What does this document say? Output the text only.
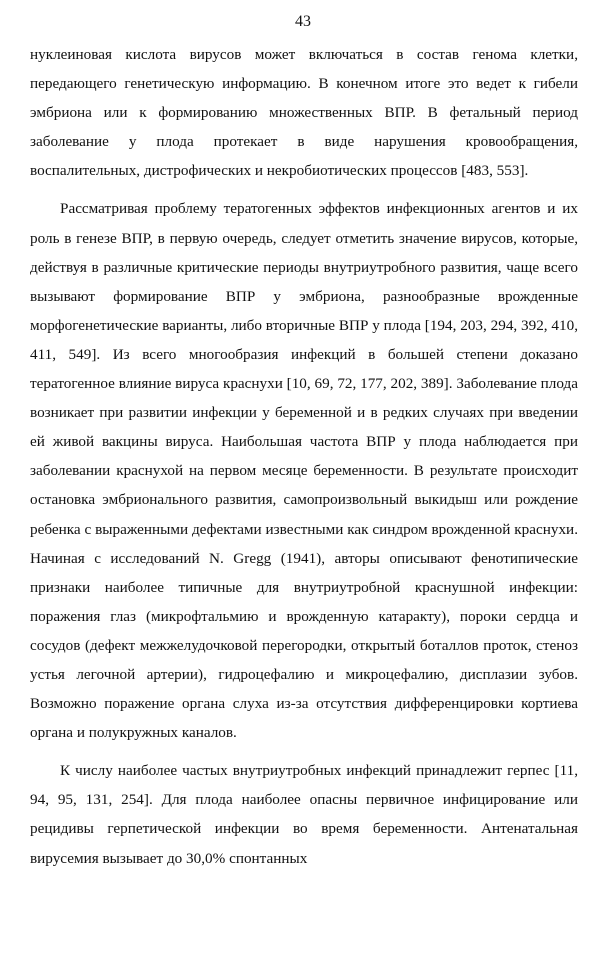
43

нуклеиновая кислота вирусов может включаться в состав генома клетки, передающего генетическую информацию. В конечном итоге это ведет к гибели эмбриона или к формированию множественных ВПР. В фетальный период заболевание у плода протекает в виде нарушения кровообращения, воспалительных, дистрофических и некробиотических процессов [483, 553].

Рассматривая проблему тератогенных эффектов инфекционных агентов и их роль в генезе ВПР, в первую очередь, следует отметить значение вирусов, которые, действуя в различные критические периоды внутриутробного развития, чаще всего вызывают формирование ВПР у эмбриона, разнообразные врожденные морфогенетические варианты, либо вторичные ВПР у плода [194, 203, 294, 392, 410, 411, 549]. Из всего многообразия инфекций в большей степени доказано тератогенное влияние вируса краснухи [10, 69, 72, 177, 202, 389]. Заболевание плода возникает при развитии инфекции у беременной и в редких случаях при введении ей живой вакцины вируса. Наибольшая частота ВПР у плода наблюдается при заболевании краснухой на первом месяце беременности. В результате происходит остановка эмбрионального развития, самопроизвольный выкидыш или рождение ребенка с выраженными дефектами известными как синдром врожденной краснухи. Начиная с исследований N. Gregg (1941), авторы описывают фенотипические признаки наиболее типичные для внутриутробной краснушной инфекции: поражения глаз (микрофтальмию и врожденную катаракту), пороки сердца и сосудов (дефект межжелудочковой перегородки, открытый боталлов проток, стеноз устья легочной артерии), гидроцефалию и микроцефалию, дисплазии зубов. Возможно поражение органа слуха из-за отсутствия дифференцировки кортиева органа и полукружных каналов.

К числу наиболее частых внутриутробных инфекций принадлежит герпес [11, 94, 95, 131, 254]. Для плода наиболее опасны первичное инфицирование или рецидивы герпетической инфекции во время беременности. Антенатальная вирусемия вызывает до 30,0% спонтанных
